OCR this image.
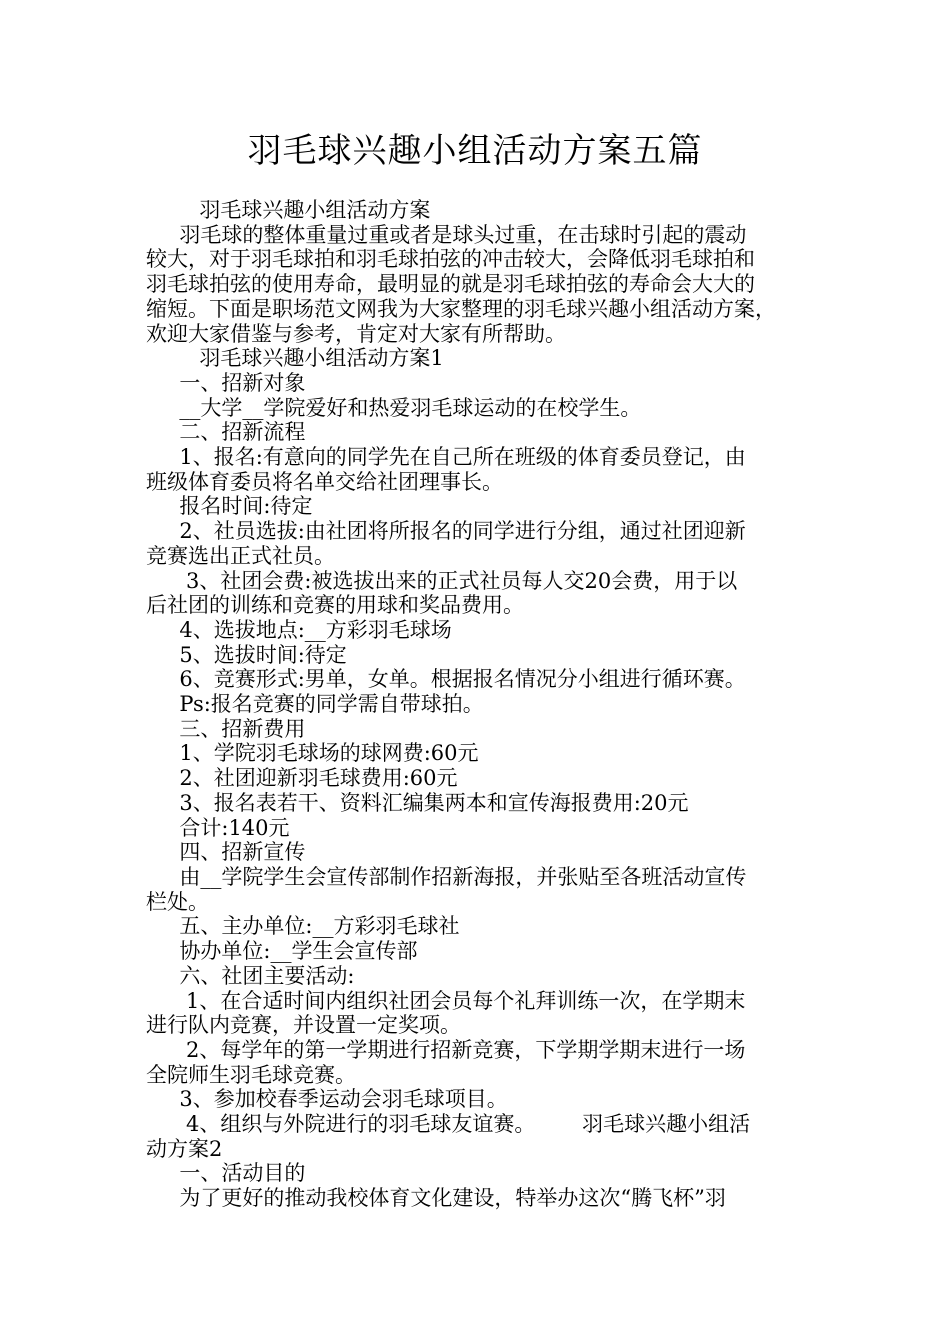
羽毛球兴趣小组活动方案五篇

羽毛球兴趣小组活动方案

羽毛球的整体重量过重或者是球头过重，在击球时引起的震动

较大，对于羽毛球拍和羽毛球拍弦的冲击较大，会降低羽毛球拍和

羽毛球拍弦的使用寿命，最明显的就是羽毛球拍弦的寿命会大大的

缩短。下面是职场范文网我为大家整理的羽毛球兴趣小组活动方案，

欢迎大家借鉴与参考，肯定对大家有所帮助。

羽毛球兴趣小组活动方案1

一、招新对象

__大学__学院爱好和热爱羽毛球运动的在校学生。

二、招新流程

1、报名:有意向的同学先在自己所在班级的体育委员登记，由

班级体育委员将名单交给社团理事长。

报名时间:待定

2、社员选拔:由社团将所报名的同学进行分组，通过社团迎新

竞赛选出正式社员。

3、社团会费:被选拔出来的正式社员每人交20会费，用于以

后社团的训练和竞赛的用球和奖品费用。

4、选拔地点:__方彩羽毛球场

5、选拔时间:待定

6、竞赛形式:男单，女单。根据报名情况分小组进行循环赛。

Ps:报名竞赛的同学需自带球拍。

三、招新费用

1、学院羽毛球场的球网费:60元

2、社团迎新羽毛球费用:60元

3、报名表若干、资料汇编集两本和宣传海报费用:20元

合计:140元

四、招新宣传

由__学院学生会宣传部制作招新海报，并张贴至各班活动宣传

栏处。

五、主办单位:__方彩羽毛球社

协办单位:__学生会宣传部

六、社团主要活动:

1、在合适时间内组织社团会员每个礼拜训练一次，在学期末

进行队内竞赛，并设置一定奖项。

2、每学年的第一学期进行招新竞赛，下学期学期末进行一场

全院师生羽毛球竞赛。

3、参加校春季运动会羽毛球项目。

4、组织与外院进行的羽毛球友谊赛。       羽毛球兴趣小组活

动方案2

一、活动目的

为了更好的推动我校体育文化建设，特举办这次“腾飞杯”羽
